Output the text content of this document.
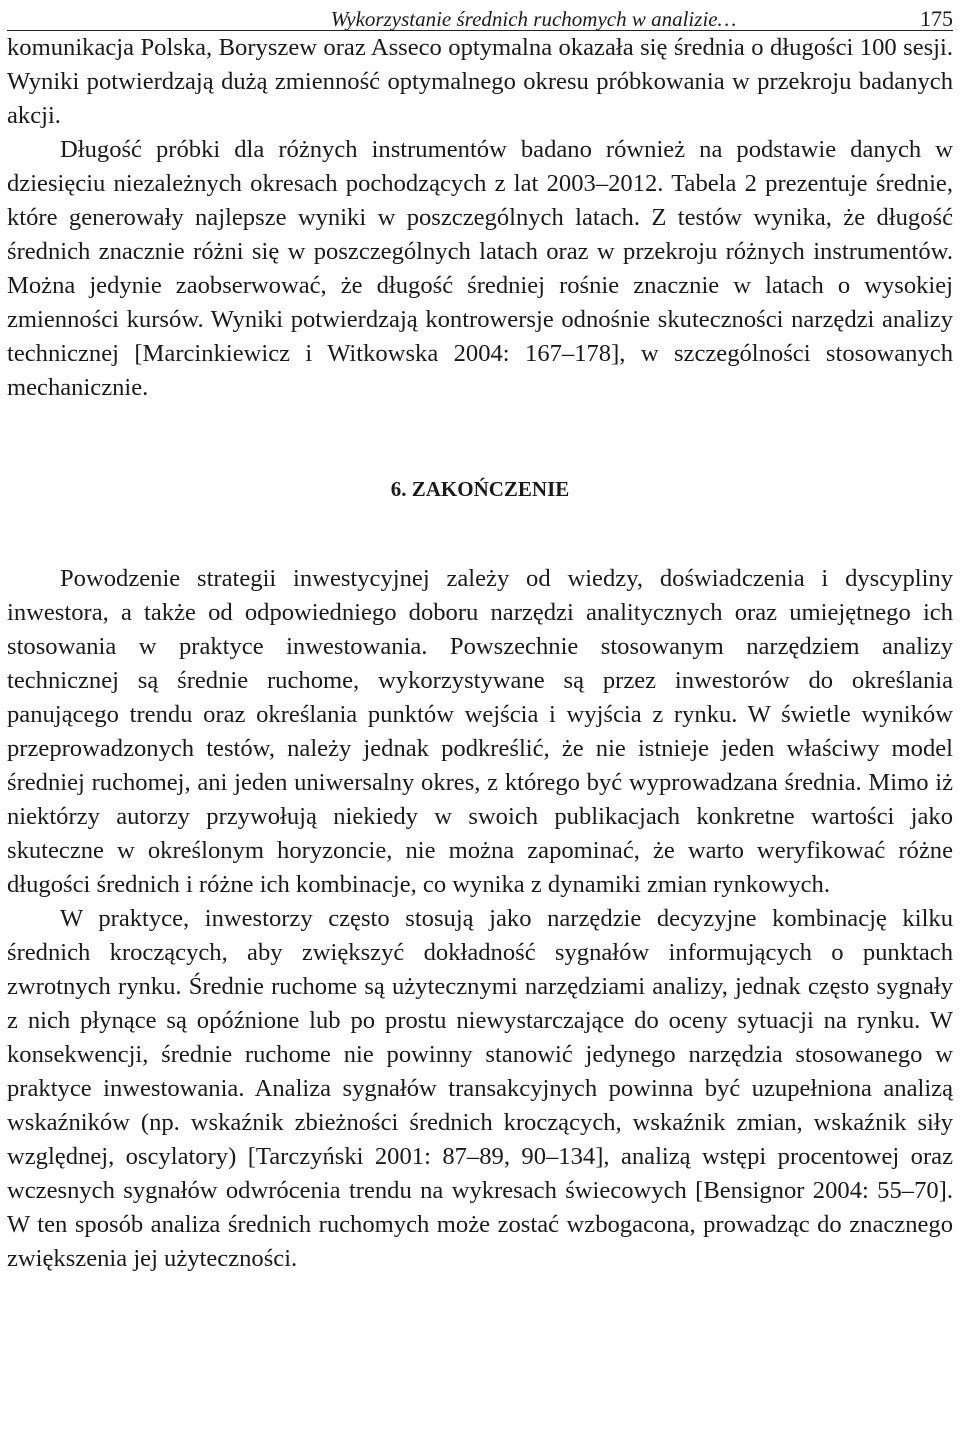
Wykorzystanie średnich ruchomych w analizie…	175

komunikacja Polska, Boryszew oraz Asseco optymalna okazała się średnia o długości 100 sesji. Wyniki potwierdzają dużą zmienność optymalnego okresu próbkowania w przekroju badanych akcji.

Długość próbki dla różnych instrumentów badano również na podstawie danych w dziesięciu niezależnych okresach pochodzących z lat 2003–2012. Tabela 2 prezentuje średnie, które generowały najlepsze wyniki w poszczególnych latach. Z testów wynika, że długość średnich znacznie różni się w poszczególnych latach oraz w przekroju różnych instrumentów. Można jedynie zaobserwować, że długość średniej rośnie znacznie w latach o wysokiej zmienności kursów. Wyniki potwierdzają kontrowersje odnośnie skuteczności narzędzi analizy technicznej [Marcinkiewicz i Witkowska 2004: 167–178], w szczególności stosowanych mechanicznie.

6. ZAKOŃCZENIE

Powodzenie strategii inwestycyjnej zależy od wiedzy, doświadczenia i dyscypliny inwestora, a także od odpowiedniego doboru narzędzi analitycznych oraz umiejętnego ich stosowania w praktyce inwestowania. Powszechnie stosowanym narzędziem analizy technicznej są średnie ruchome, wykorzystywane są przez inwestorów do określania panującego trendu oraz określania punktów wejścia i wyjścia z rynku. W świetle wyników przeprowadzonych testów, należy jednak podkreślić, że nie istnieje jeden właściwy model średniej ruchomej, ani jeden uniwersalny okres, z którego być wyprowadzana średnia. Mimo iż niektórzy autorzy przywołują niekiedy w swoich publikacjach konkretne wartości jako skuteczne w określonym horyzoncie, nie można zapominać, że warto weryfikować różne długości średnich i różne ich kombinacje, co wynika z dynamiki zmian rynkowych.

W praktyce, inwestorzy często stosują jako narzędzie decyzyjne kombinację kilku średnich kroczących, aby zwiększyć dokładność sygnałów informujących o punktach zwrotnych rynku. Średnie ruchome są użytecznymi narzędziami analizy, jednak często sygnały z nich płynące są opóźnione lub po prostu niewystarczające do oceny sytuacji na rynku. W konsekwencji, średnie ruchome nie powinny stanowić jedynego narzędzia stosowanego w praktyce inwestowania. Analiza sygnałów transakcyjnych powinna być uzupełniona analizą wskaźników (np. wskaźnik zbieżności średnich kroczących, wskaźnik zmian, wskaźnik siły względnej, oscylatory) [Tarczyński 2001: 87–89, 90–134], analizą wstępi procentowej oraz wczesnych sygnałów odwrócenia trendu na wykresach świecowych [Bensignor 2004: 55–70]. W ten sposób analiza średnich ruchomych może zostać wzbogacona, prowadząc do znacznego zwiększenia jej użyteczności.
